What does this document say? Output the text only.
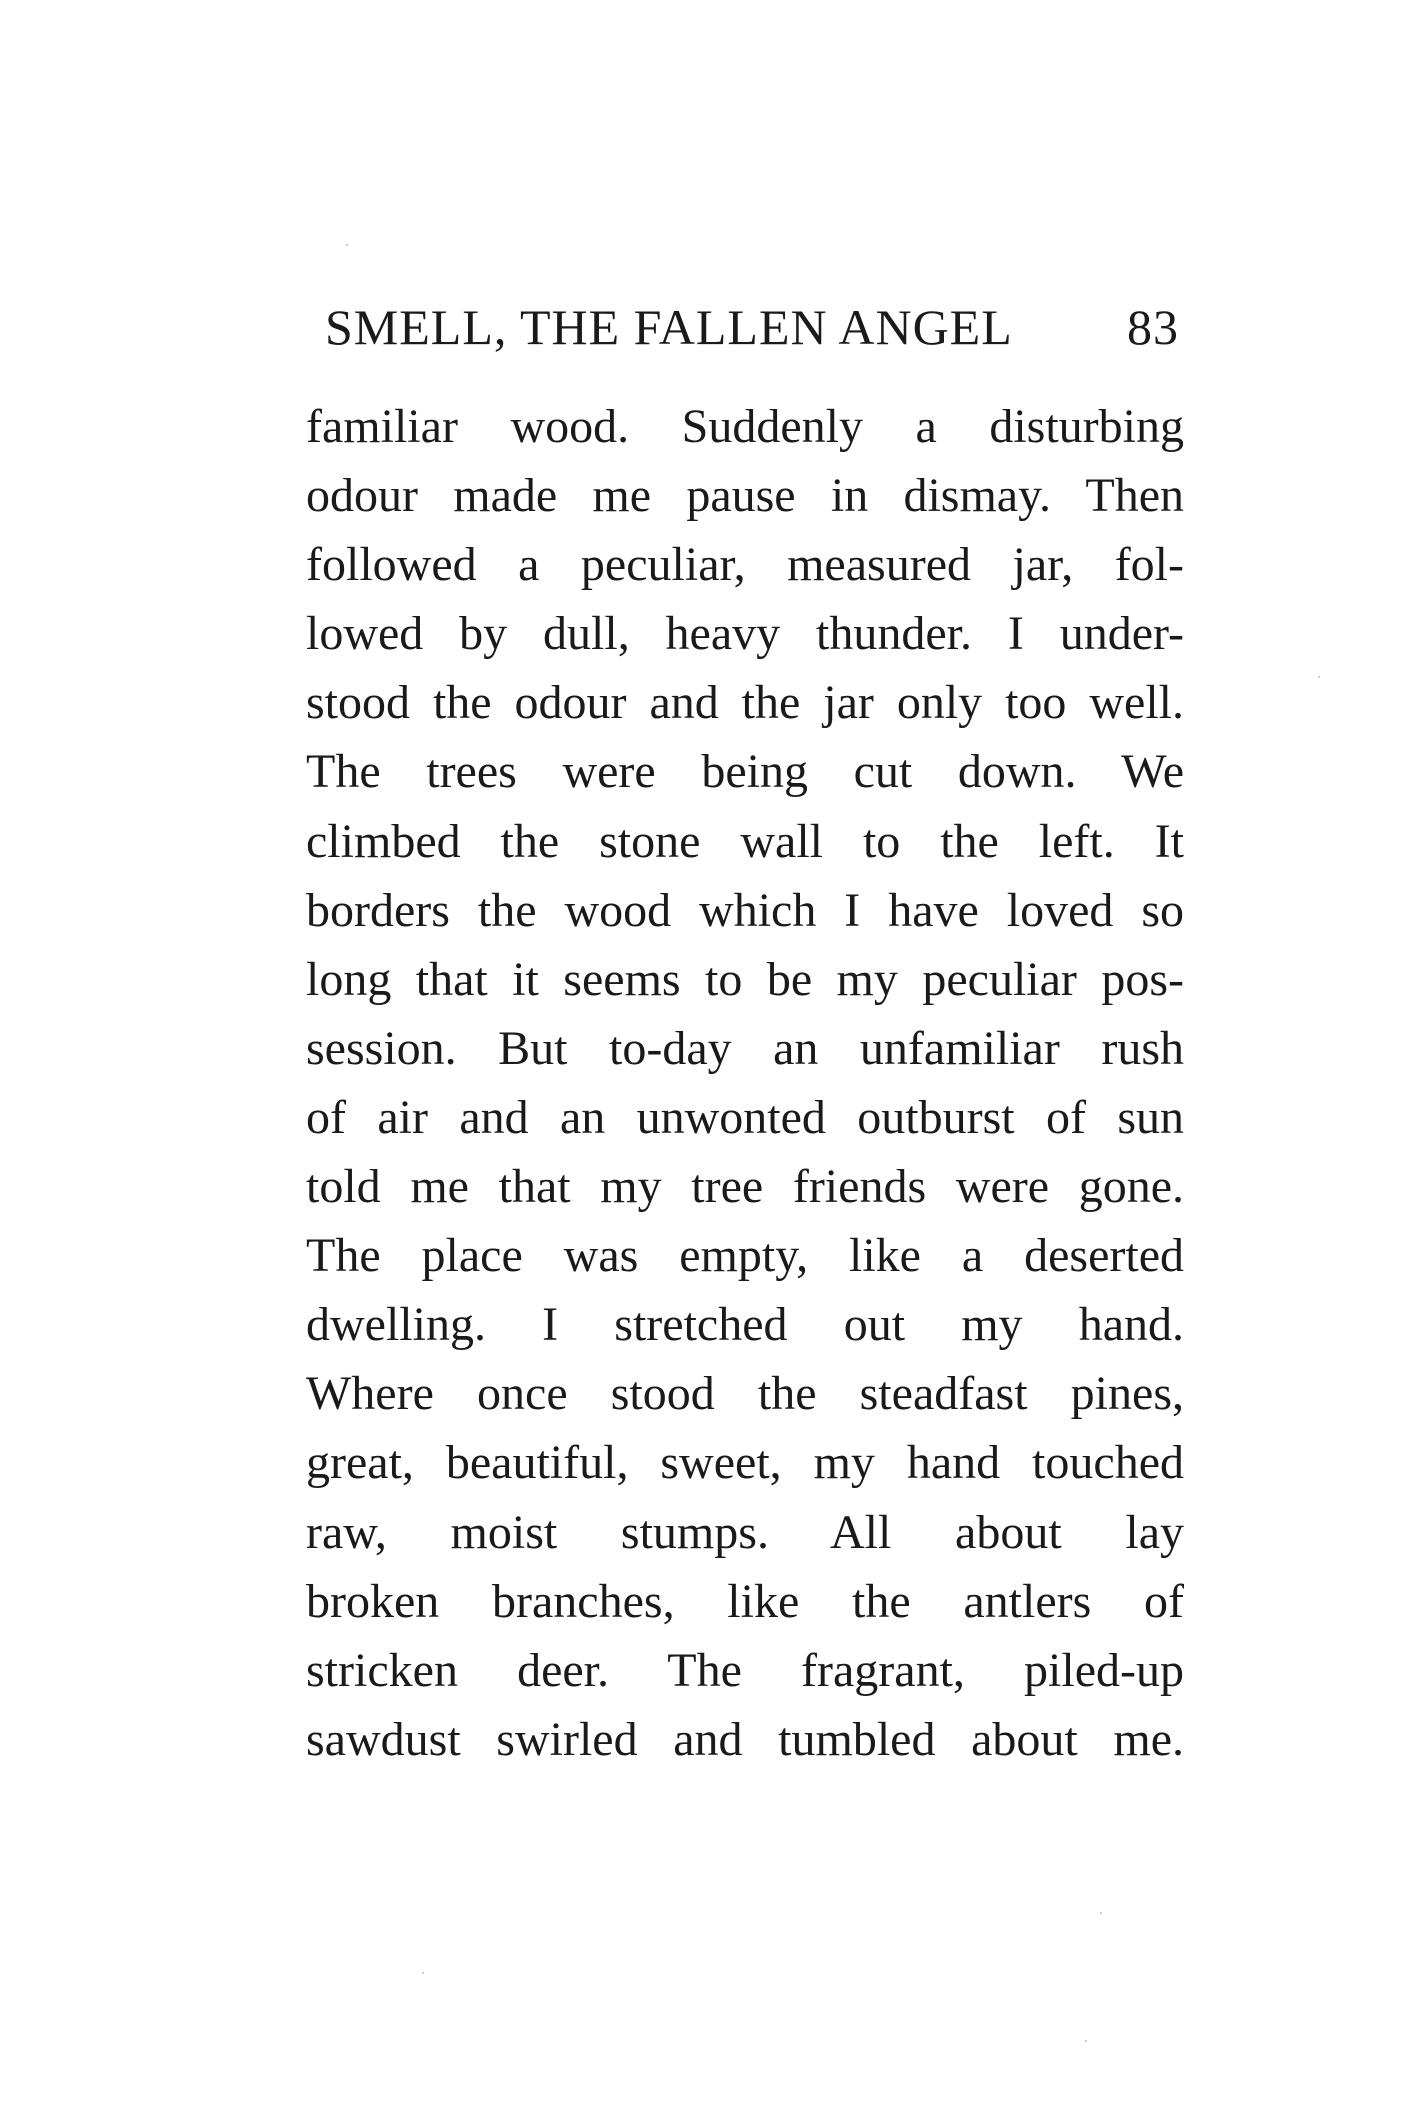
SMELL, THE FALLEN ANGEL 83
familiar wood. Suddenly a disturbing
odour made me pause in dismay. Then
followed a peculiar, measured jar, fol-
lowed by dull, heavy thunder. I under-
stood the odour and the jar only too well.
The trees were being cut down. We
climbed the stone wall to the left. It
borders the wood which I have loved so
long that it seems to be my peculiar pos-
session. But to-day an unfamiliar rush
of air and an unwonted outburst of sun
told me that my tree friends were gone.
The place was empty, like a deserted
dwelling. I stretched out my hand.
Where once stood the steadfast pines,
great, beautiful, sweet, my hand touched
raw, moist stumps. All about lay
broken branches, like the antlers of
stricken deer. The fragrant, piled-up
sawdust swirled and tumbled about me.
